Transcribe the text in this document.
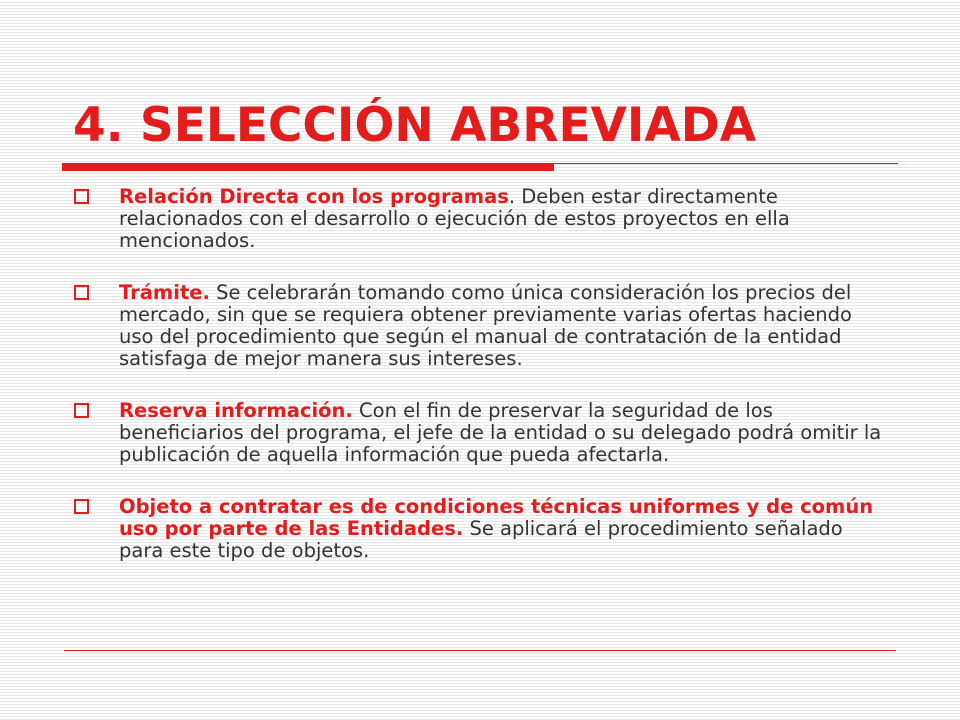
4. SELECCIÓN ABREVIADA
Relación Directa con los programas. Deben estar directamente relacionados con el desarrollo o ejecución de estos proyectos en ella mencionados.
Trámite. Se celebrarán tomando como única consideración los precios del mercado, sin que se requiera obtener previamente varias ofertas haciendo uso del procedimiento que según el manual de contratación de la entidad satisfaga de mejor manera sus intereses.
Reserva información. Con el fin de preservar la seguridad de los beneficiarios del programa, el jefe de la entidad o su delegado podrá omitir la publicación de aquella información que pueda afectarla.
Objeto a contratar es de condiciones técnicas uniformes y de común uso por parte de las Entidades. Se aplicará el procedimiento señalado para este tipo de objetos.
